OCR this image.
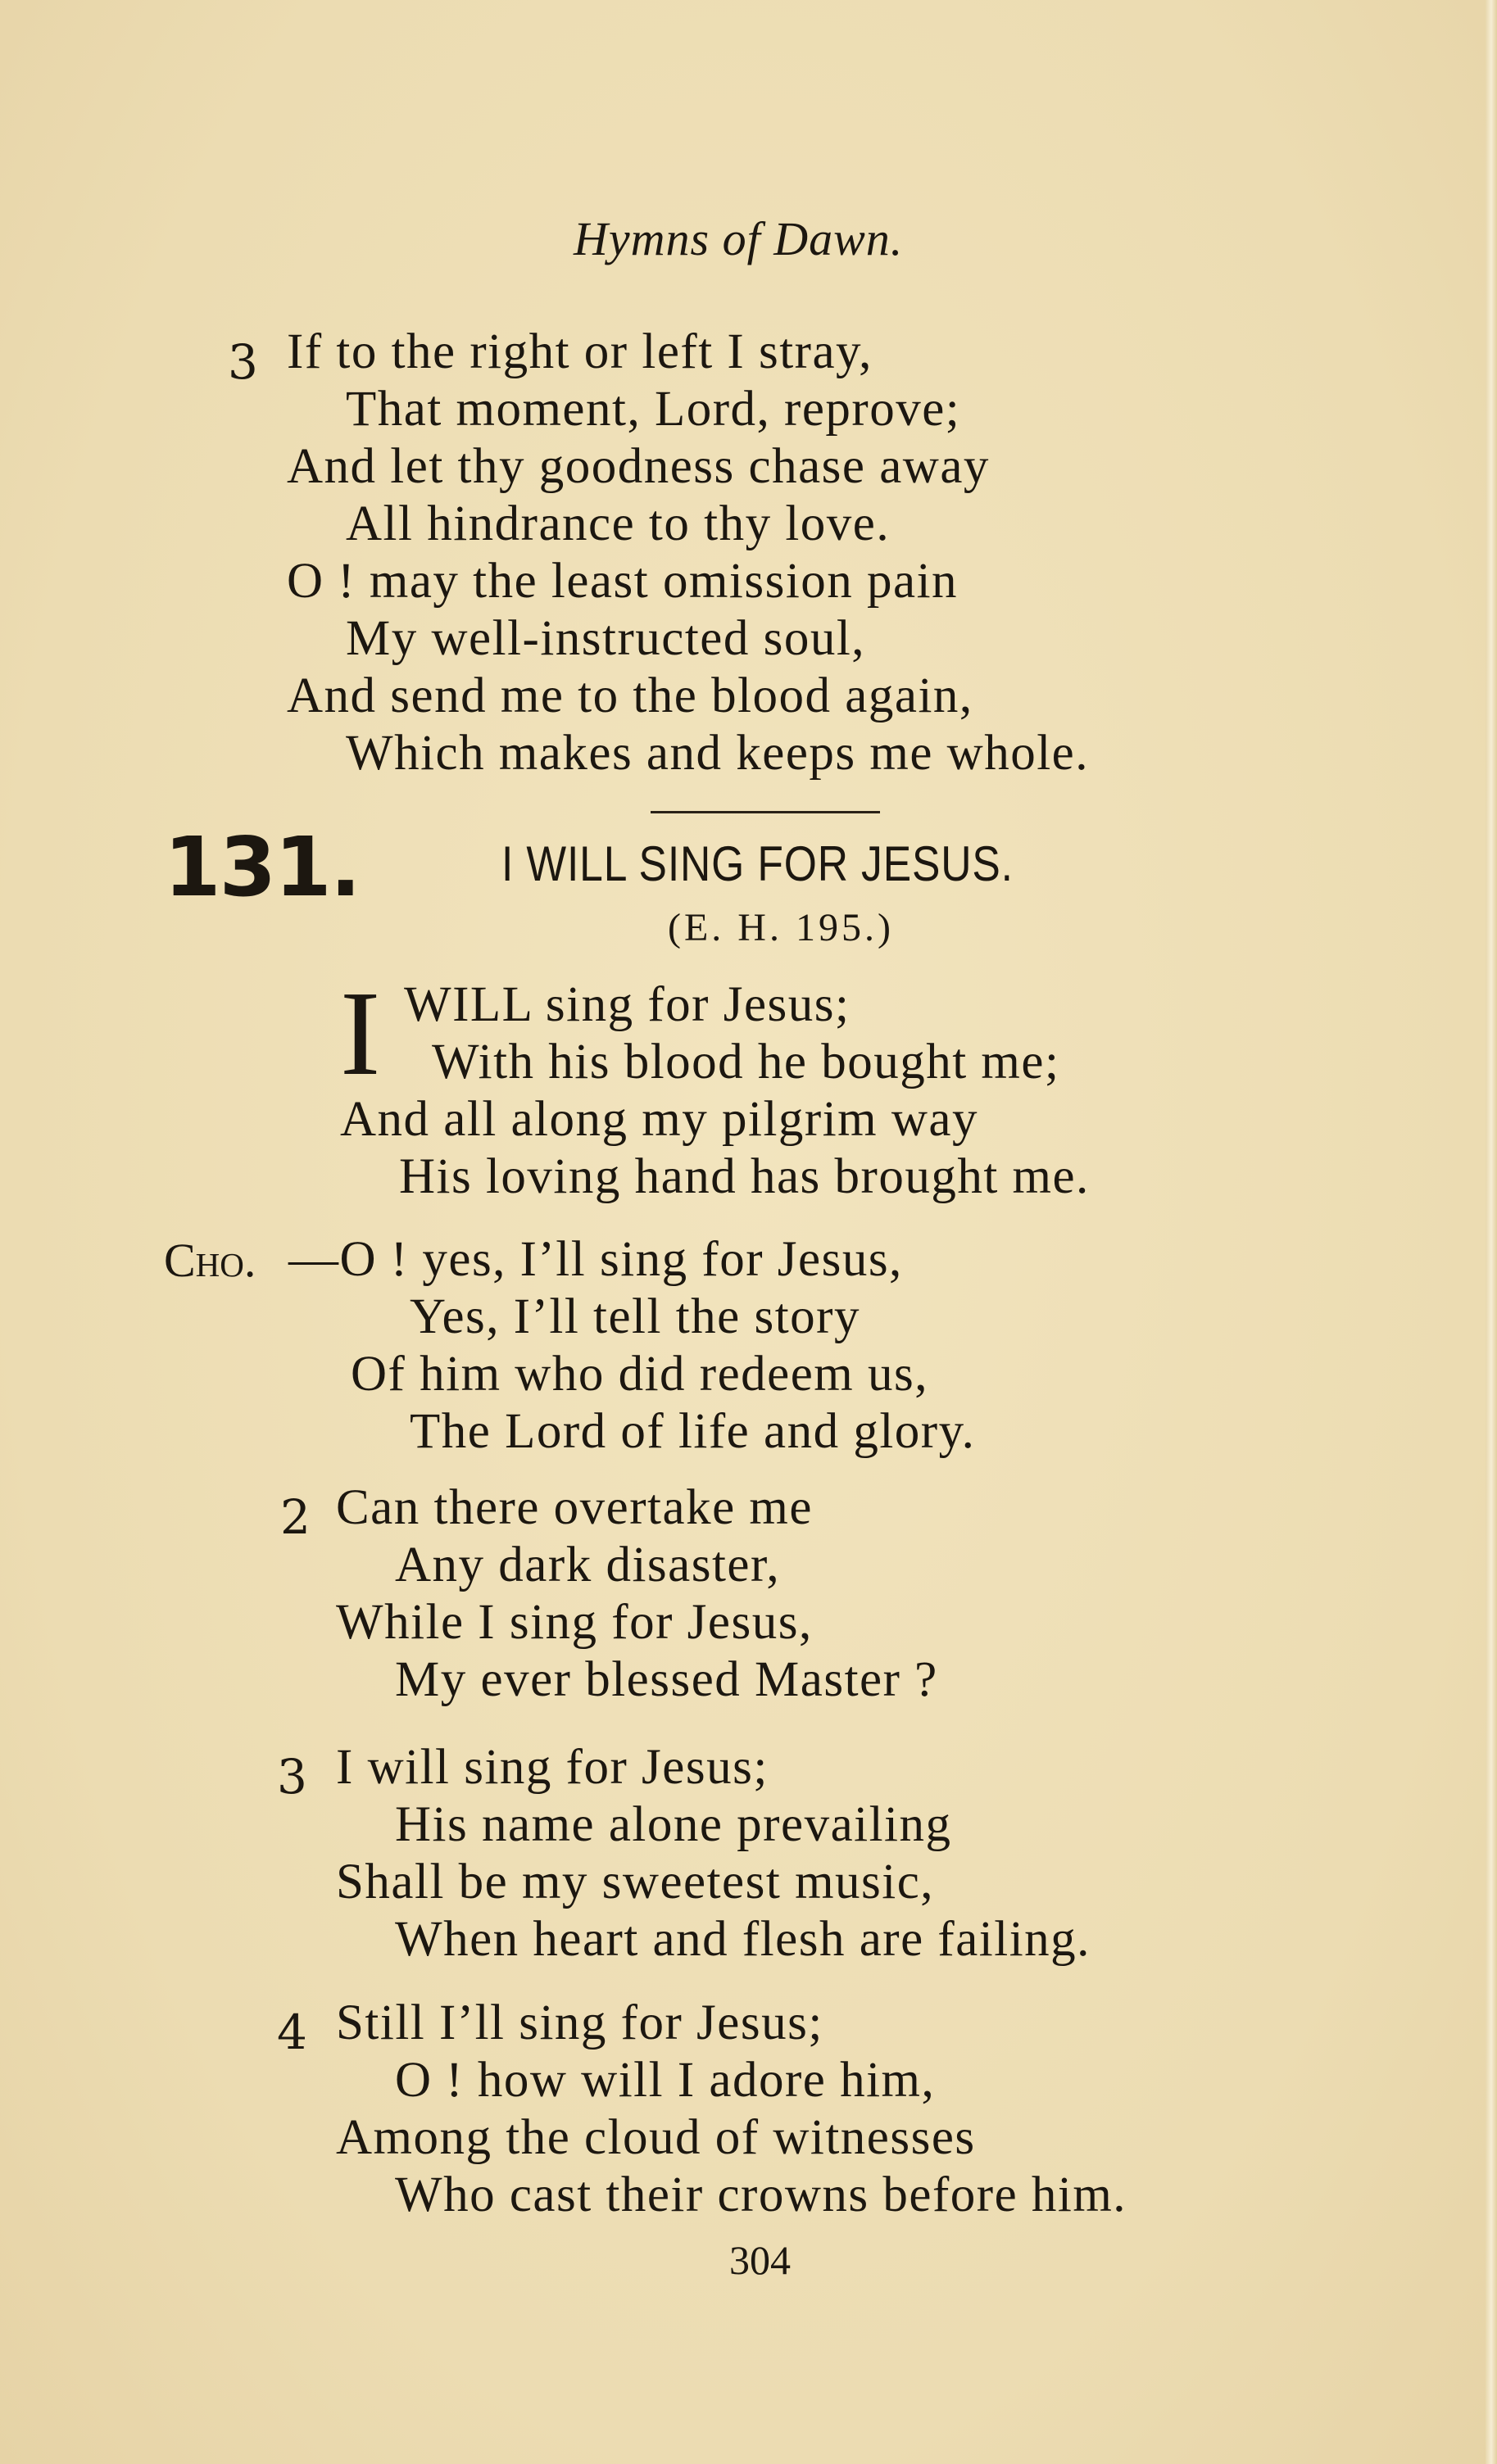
Hymns of Dawn.
3 If to the right or left I stray,
That moment, Lord, reprove;
And let thy goodness chase away
All hindrance to thy love.
O ! may the least omission pain
My well-instructed soul,
And send me to the blood again,
Which makes and keeps me whole.
131.	I WILL SING FOR JESUS.
(E. H. 195.)
I WILL sing for Jesus;
With his blood he bought me;
And all along my pilgrim way
His loving hand has brought me.
Cho. —O ! yes, I’ll sing for Jesus,
Yes, I’ll tell the story
Of him who did redeem us,
The Lord of life and glory.
2 Can there overtake me
Any dark disaster,
While I sing for Jesus,
My ever blessed Master ?
3 I will sing for Jesus;
His name alone prevailing
Shall be my sweetest music,
When heart and flesh are failing.
4 Still I’ll sing for Jesus;
O ! how will I adore him,
Among the cloud of witnesses
Who cast their crowns before him.
304
